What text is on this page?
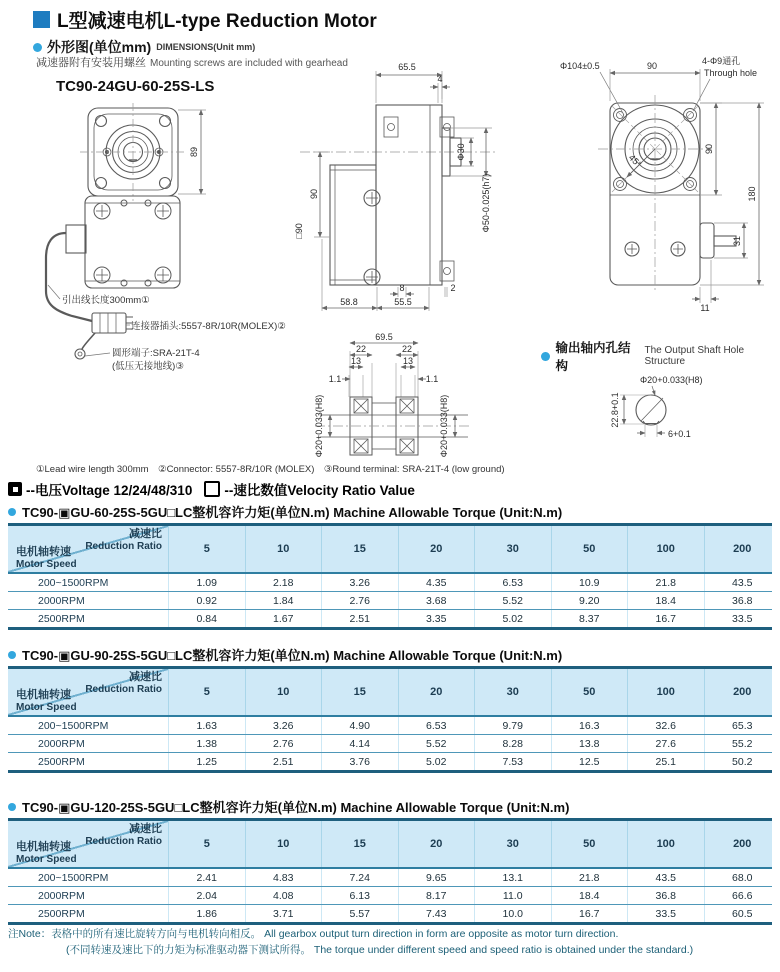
L型减速电机L-type Reduction Motor
外形图(单位mm) DIMENSIONS(Unit mm)
减速器附有安装用螺丝 Mounting screws are included with gearhead
TC90-24GU-60-25S-LS
89
引出线长度300mm①
连接器插头:5557-8R/10R(MOLEX)②
圆形端子:SRA-21T-4
(低压无接地线)③
65.5
4
Φ30
Φ50-0.025(h7)
90
□90
8	2
58.8	55.5
45°
Φ104±0.5	90	4-Φ9通孔
Through hole
90
180
31
11
69.5
22	22
13	13
1.1	1.1
Φ20+0.033(H8)	Φ20+0.033(H8)
Φ20+0.033(H8)
22.8+0.1
6+0.1
输出轴内孔结构
The Output Shaft Hole Structure
①Lead wire length 300mm　②Connector: 5557-8R/10R (MOLEX)　③Round terminal: SRA-21T-4 (low ground)
--电压Voltage 12/24/48/310 --速比数值Velocity Ratio Value
TC90-▣GU-60-25S-5GU□LC整机容许力矩(单位N.m) Machine Allowable Torque (Unit:N.m)
减速比
Reduction Ratio
电机轴转速
Motor Speed
5	10	15	20	30	50	100	200
200~1500RPM	1.09	2.18	3.26	4.35	6.53	10.9	21.8	43.5
2000RPM	0.92	1.84	2.76	3.68	5.52	9.20	18.4	36.8
2500RPM	0.84	1.67	2.51	3.35	5.02	8.37	16.7	33.5
TC90-▣GU-90-25S-5GU□LC整机容许力矩(单位N.m) Machine Allowable Torque (Unit:N.m)
减速比
Reduction Ratio
电机轴转速
Motor Speed
5	10	15	20	30	50	100	200
200~1500RPM	1.63	3.26	4.90	6.53	9.79	16.3	32.6	65.3
2000RPM	1.38	2.76	4.14	5.52	8.28	13.8	27.6	55.2
2500RPM	1.25	2.51	3.76	5.02	7.53	12.5	25.1	50.2
TC90-▣GU-120-25S-5GU□LC整机容许力矩(单位N.m) Machine Allowable Torque (Unit:N.m)
减速比
Reduction Ratio
电机轴转速
Motor Speed
5	10	15	20	30	50	100	200
200~1500RPM	2.41	4.83	7.24	9.65	13.1	21.8	43.5	68.0
2000RPM	2.04	4.08	6.13	8.17	11.0	18.4	36.8	66.6
2500RPM	1.86	3.71	5.57	7.43	10.0	16.7	33.5	60.5
注Note：表格中的所有速比旋转方向与电机转向相反。 All gearbox output turn direction in form are opposite as motor turn direction.
(不同转速及速比下的力矩为标准驱动器下测试所得。 The torque under different speed and speed ratio is obtained under the standard.)
